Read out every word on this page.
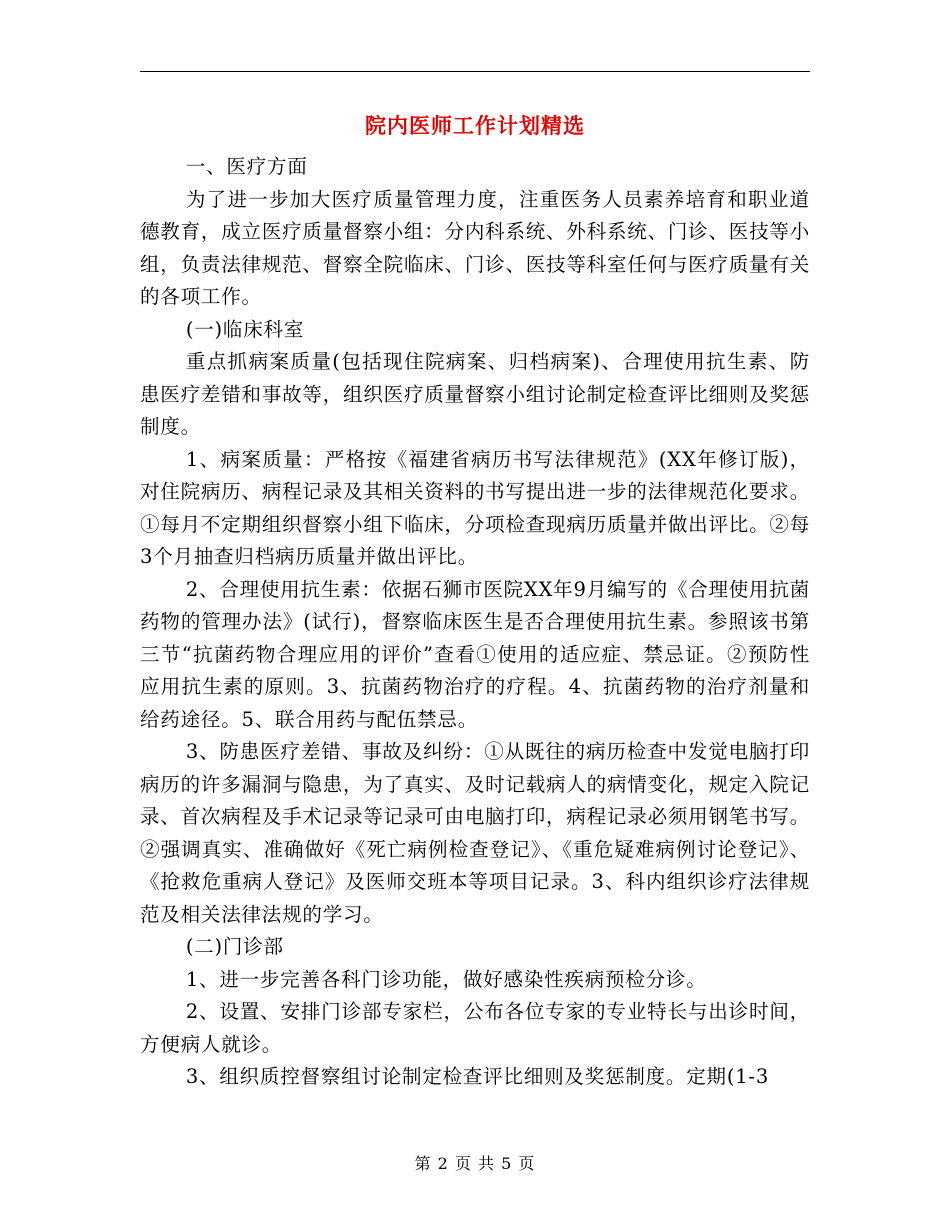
院内医师工作计划精选

一、医疗方面

为了进一步加大医疗质量管理力度，注重医务人员素养培育和职业道德教育，成立医疗质量督察小组：分内科系统、外科系统、门诊、医技等小组，负责法律规范、督察全院临床、门诊、医技等科室任何与医疗质量有关的各项工作。

(一)临床科室

重点抓病案质量(包括现住院病案、归档病案)、合理使用抗生素、防患医疗差错和事故等，组织医疗质量督察小组讨论制定检查评比细则及奖惩制度。

1、病案质量：严格按《福建省病历书写法律规范》(XX年修订版)，对住院病历、病程记录及其相关资料的书写提出进一步的法律规范化要求。①每月不定期组织督察小组下临床，分项检查现病历质量并做出评比。②每3个月抽查归档病历质量并做出评比。

2、合理使用抗生素：依据石狮市医院XX年9月编写的《合理使用抗菌药物的管理办法》(试行)，督察临床医生是否合理使用抗生素。参照该书第三节“抗菌药物合理应用的评价”查看①使用的适应症、禁忌证。②预防性应用抗生素的原则。3、抗菌药物治疗的疗程。4、抗菌药物的治疗剂量和给药途径。5、联合用药与配伍禁忌。

3、防患医疗差错、事故及纠纷：①从既往的病历检查中发觉电脑打印病历的许多漏洞与隐患，为了真实、及时记载病人的病情变化，规定入院记录、首次病程及手术记录等记录可由电脑打印，病程记录必须用钢笔书写。②强调真实、准确做好《死亡病例检查登记》、《重危疑难病例讨论登记》、《抢救危重病人登记》及医师交班本等项目记录。3、科内组织诊疗法律规范及相关法律法规的学习。

(二)门诊部

1、进一步完善各科门诊功能，做好感染性疾病预检分诊。

2、设置、安排门诊部专家栏，公布各位专家的专业特长与出诊时间，方便病人就诊。

3、组织质控督察组讨论制定检查评比细则及奖惩制度。定期(1-3

第 2 页 共 5 页
